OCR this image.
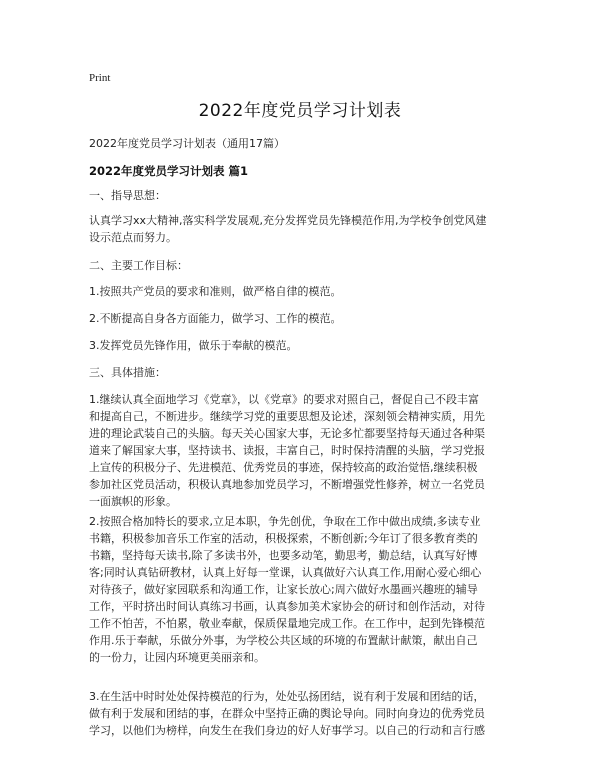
Print
2022年度党员学习计划表
2022年度党员学习计划表（通用17篇）
2022年度党员学习计划表 篇1

一、指导思想：

认真学习xx大精神,落实科学发展观,充分发挥党员先锋模范作用,为学校争创党风建
设示范点而努力。

二、主要工作目标：

1.按照共产党员的要求和准则，做严格自律的模范。

2.不断提高自身各方面能力，做学习、工作的模范。

3.发挥党员先锋作用，做乐于奉献的模范。

三、具体措施：

1.继续认真全面地学习《党章》，以《党章》的要求对照自己，督促自己不段丰富
和提高自己，不断进步。继续学习党的重要思想及论述，深刻领会精神实质，用先
进的理论武装自己的头脑。每天关心国家大事，无论多忙都要坚持每天通过各种渠
道来了解国家大事，坚持读书、读报，丰富自己，时时保持清醒的头脑，学习党报
上宣传的积极分子、先进模范、优秀党员的事迹，保持较高的政治觉悟,继续积极
参加社区党员活动，积极认真地参加党员学习，不断增强党性修养，树立一名党员
一面旗帜的形象。

2.按照合格加特长的要求,立足本职，争先创优，争取在工作中做出成绩,多读专业
书籍，积极参加音乐工作室的活动，积极探索，不断创新;今年订了很多教育类的
书籍，坚持每天读书,除了多读书外，也要多动笔，勤思考，勤总结，认真写好博
客;同时认真钻研教材，认真上好每一堂课，认真做好六认真工作,用耐心爱心细心
对待孩子，做好家园联系和沟通工作，让家长放心;周六做好水墨画兴趣班的辅导
工作，平时挤出时间认真练习书画，认真参加美术家协会的研讨和创作活动，对待
工作不怕苦，不怕累，敬业奉献，保质保量地完成工作。在工作中，起到先锋模范
作用.乐于奉献，乐做分外事，为学校公共区域的环境的布置献计献策，献出自己
的一份力，让园内环境更美丽亲和。

3.在生活中时时处处保持模范的行为，处处弘扬团结，说有利于发展和团结的话，
做有利于发展和团结的事，在群众中坚持正确的舆论导向。同时向身边的优秀党员
学习，以他们为榜样，向发生在我们身边的好人好事学习。以自己的行动和言行感
